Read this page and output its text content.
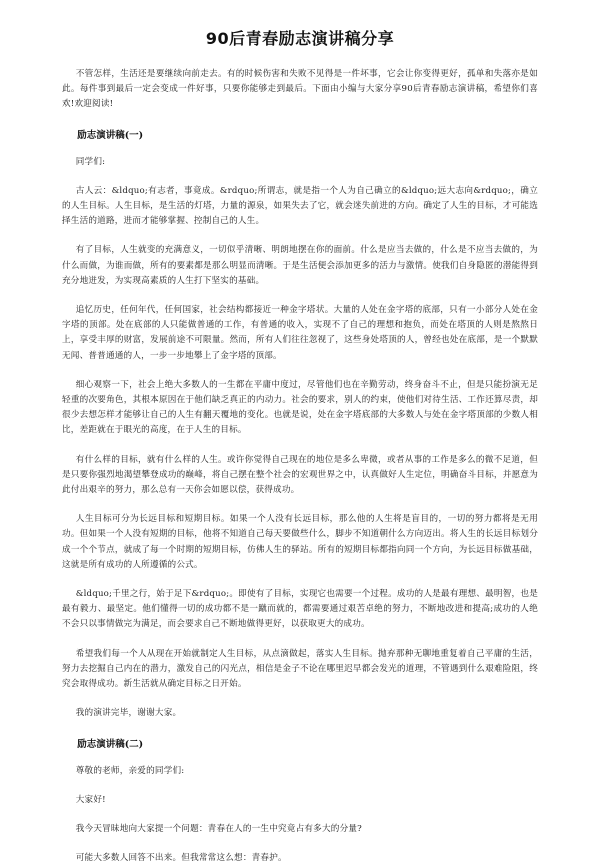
90后青春励志演讲稿分享

不管怎样，生活还是要继续向前走去。有的时候伤害和失败不见得是一件坏事，它会让你变得更好，孤单和失落亦是如此。每件事到最后一定会变成一件好事，只要你能够走到最后。下面由小编与大家分享90后青春励志演讲稿，希望你们喜欢!欢迎阅读!

励志演讲稿(一)

同学们:

古人云：&ldquo;有志者，事竟成。&rdquo;所谓志，就是指一个人为自己确立的&ldquo;远大志向&rdquo;，确立的人生目标。人生目标，是生活的灯塔，力量的源泉，如果失去了它，就会迷失前进的方向。确定了人生的目标，才可能选择生活的道路，进而才能够掌握、控制自己的人生。

有了目标，人生就变的充满意义，一切似乎清晰、明朗地摆在你的面前。什么是应当去做的，什么是不应当去做的，为什么而做，为谁而做，所有的要素都是那么明显而清晰。于是生活便会添加更多的活力与激情。使我们自身隐匿的潜能得到充分地迸发，为实现高素质的人生打下坚实的基础。

追忆历史，任何年代，任何国家，社会结构都接近一种金字塔状。大量的人处在金字塔的底部，只有一小部分人处在金字塔的顶部。处在底部的人只能做普通的工作，有普通的收入，实现不了自己的理想和抱负，而处在塔顶的人则是熬熬日上，享受丰厚的财富，发展前途不可限量。然而，所有人们往往忽视了，这些身处塔顶的人，曾经也处在底部，是一个默默无闻、普普通通的人，一步一步地攀上了金字塔的顶部。

细心观察一下，社会上绝大多数人的一生都在平庸中度过，尽管他们也在辛勤劳动，终身奋斗不止，但是只能扮演无足轻重的次要角色，其根本原因在于他们缺乏真正的内动力。社会的要求，别人的约束，使他们对待生活、工作还算尽责，却很少去想怎样才能够让自己的人生有翻天覆地的变化。也就是说，处在金字塔底部的大多数人与处在金字塔顶部的少数人相比，差距就在于眼光的高度，在于人生的目标。

有什么样的目标，就有什么样的人生。或许你觉得自己现在的地位是多么卑微，或者从事的工作是多么的微不足道，但是只要你强烈地渴望攀登成功的巅峰，将自己摆在整个社会的宏观世界之中，认真做好人生定位，明确奋斗目标，并愿意为此付出艰辛的努力，那么总有一天你会如愿以偿，获得成功。

人生目标可分为长远目标和短期目标。如果一个人没有长远目标，那么他的人生将是盲目的，一切的努力都将是无用功。但如果一个人没有短期的目标，他将不知道自己每天要做些什么，脚步不知道朝什么方向迈出。将人生的长远目标划分成一个个节点，就成了每一个时期的短期目标，仿佛人生的驿站。所有的短期目标都指向同一个方向，为长远目标做基础，这就是所有成功的人所遵循的公式。

&ldquo;千里之行，始于足下&rdquo;。即使有了目标，实现它也需要一个过程。成功的人是最有理想、最明智，也是最有毅力、最坚定。他们懂得一切的成功都不是一蹴而就的，都需要通过艰苦卓绝的努力，不断地改进和提高;成功的人绝不会只以事情做完为满足，而会要求自己不断地做得更好，以获取更大的成功。

希望我们每一个人从现在开始就制定人生目标，从点滴做起，落实人生目标。抛弃那种无聊地重复着自己平庸的生活，努力去挖掘自己内在的潜力，激发自己的闪光点，相信是金子不论在哪里迟早都会发光的道理，不管遇到什么艰难险阻，终究会取得成功。新生活就从确定目标之日开始。

我的演讲完毕，谢谢大家。

励志演讲稿(二)

尊敬的老师，亲爱的同学们:

大家好!

我今天冒昧地向大家提一个问题：青春在人的一生中究竟占有多大的分量?

可能大多数人回答不出来。但我常常这么想：青春护。
